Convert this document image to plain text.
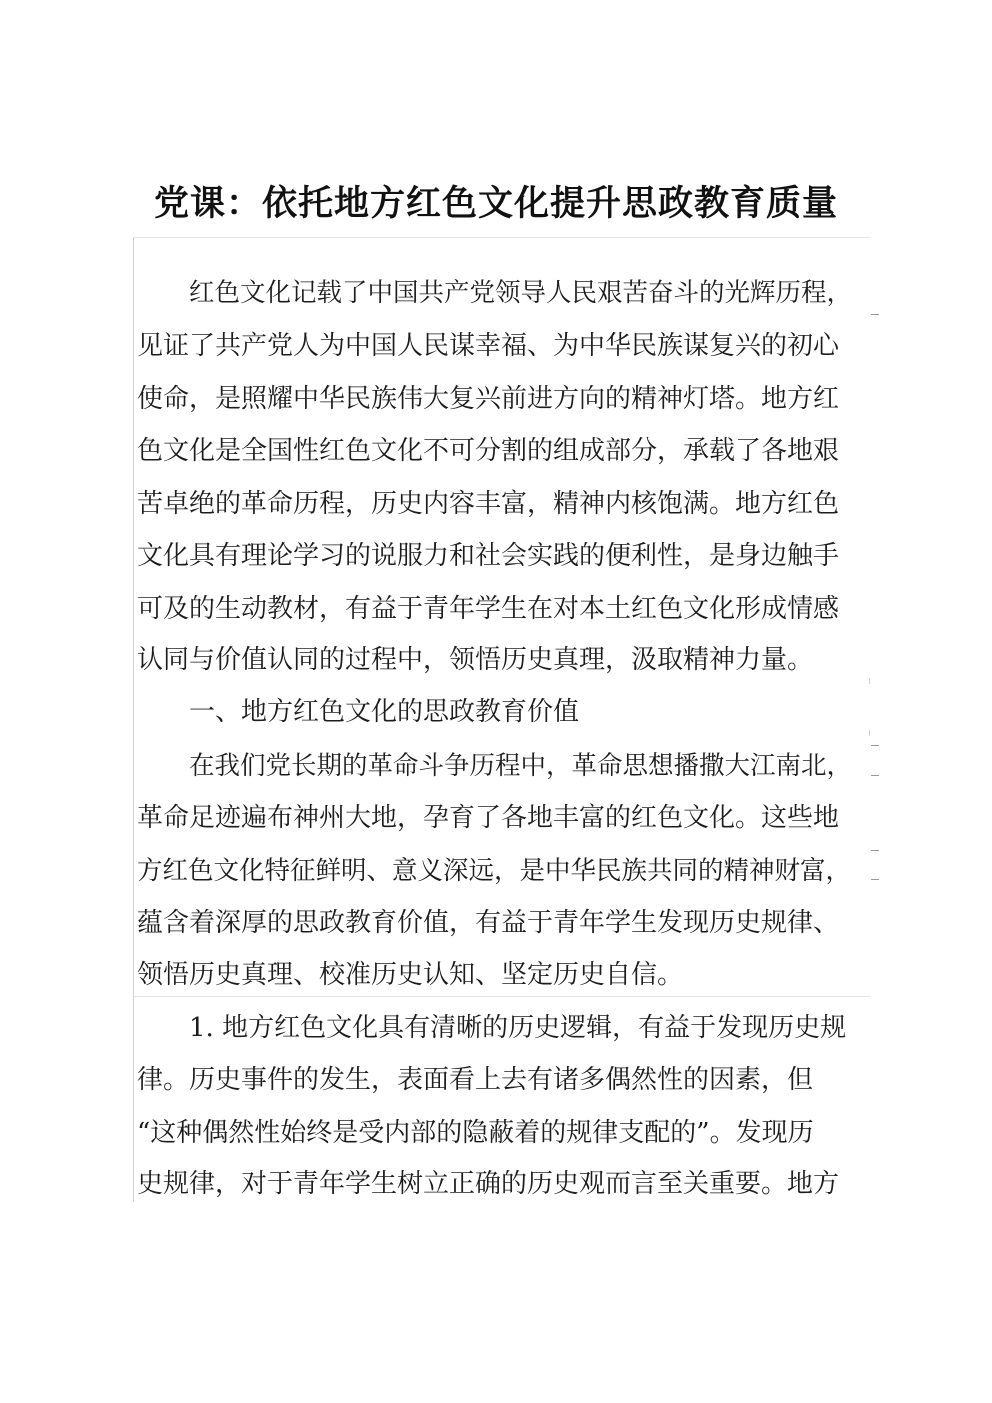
党课：依托地方红色文化提升思政教育质量
红色文化记载了中国共产党领导人民艰苦奋斗的光辉历程，
见证了共产党人为中国人民谋幸福、为中华民族谋复兴的初心
使命，是照耀中华民族伟大复兴前进方向的精神灯塔。地方红
色文化是全国性红色文化不可分割的组成部分，承载了各地艰
苦卓绝的革命历程，历史内容丰富，精神内核饱满。地方红色
文化具有理论学习的说服力和社会实践的便利性，是身边触手
可及的生动教材，有益于青年学生在对本土红色文化形成情感
认同与价值认同的过程中，领悟历史真理，汲取精神力量。
一、地方红色文化的思政教育价值
在我们党长期的革命斗争历程中，革命思想播撒大江南北，
革命足迹遍布神州大地，孕育了各地丰富的红色文化。这些地
方红色文化特征鲜明、意义深远，是中华民族共同的精神财富，
蕴含着深厚的思政教育价值，有益于青年学生发现历史规律、
领悟历史真理、校准历史认知、坚定历史自信。
1. 地方红色文化具有清晰的历史逻辑，有益于发现历史规
律。历史事件的发生，表面看上去有诸多偶然性的因素，但
“这种偶然性始终是受内部的隐蔽着的规律支配的”。发现历
史规律，对于青年学生树立正确的历史观而言至关重要。地方
